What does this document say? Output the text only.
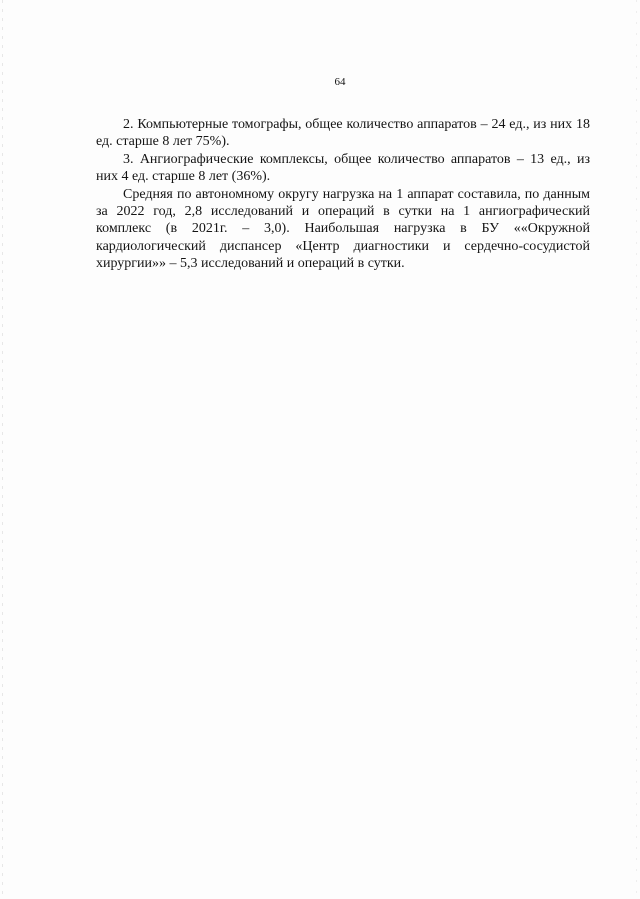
64

2. Компьютерные томографы, общее количество аппаратов – 24 ед., из них 18 ед. старше 8 лет 75%).

3. Ангиографические комплексы, общее количество аппаратов – 13 ед., из них 4 ед. старше 8 лет (36%).

Средняя по автономному округу нагрузка на 1 аппарат составила, по данным за 2022 год, 2,8 исследований и операций в сутки на 1 ангиографический комплекс (в 2021г. – 3,0). Наибольшая нагрузка в БУ ««Окружной кардиологический диспансер «Центр диагностики и сердечно-сосудистой хирургии»» – 5,3 исследований и операций в сутки.
